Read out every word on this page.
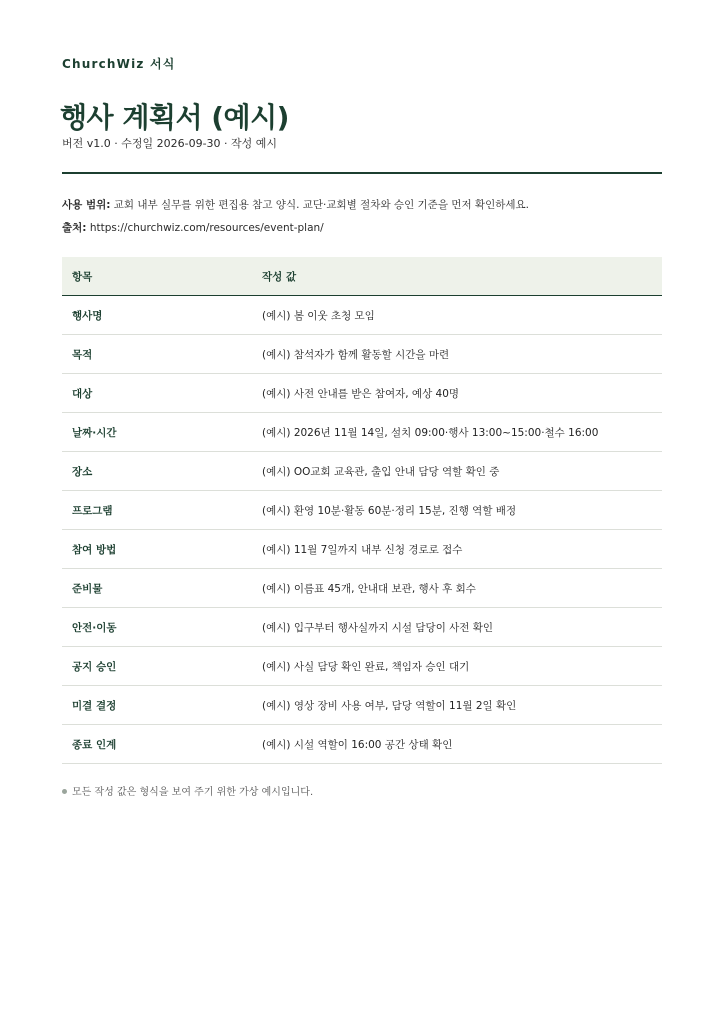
ChurchWiz 서식
행사 계획서 (예시)
버전 v1.0 · 수정일 2026-09-30 · 작성 예시
사용 범위: 교회 내부 실무를 위한 편집용 참고 양식. 교단·교회별 절차와 승인 기준을 먼저 확인하세요.
출처: https://churchwiz.com/resources/event-plan/
항목	작성 값
행사명	(예시) 봄 이웃 초청 모임
목적	(예시) 참석자가 함께 활동할 시간을 마련
대상	(예시) 사전 안내를 받은 참여자, 예상 40명
날짜·시간	(예시) 2026년 11월 14일, 설치 09:00·행사 13:00~15:00·철수 16:00
장소	(예시) OO교회 교육관, 출입 안내 담당 역할 확인 중
프로그램	(예시) 환영 10분·활동 60분·정리 15분, 진행 역할 배정
참여 방법	(예시) 11월 7일까지 내부 신청 경로로 접수
준비물	(예시) 이름표 45개, 안내대 보관, 행사 후 회수
안전·이동	(예시) 입구부터 행사실까지 시설 담당이 사전 확인
공지 승인	(예시) 사실 담당 확인 완료, 책임자 승인 대기
미결 결정	(예시) 영상 장비 사용 여부, 담당 역할이 11월 2일 확인
종료 인계	(예시) 시설 역할이 16:00 공간 상태 확인
모든 작성 값은 형식을 보여 주기 위한 가상 예시입니다.
